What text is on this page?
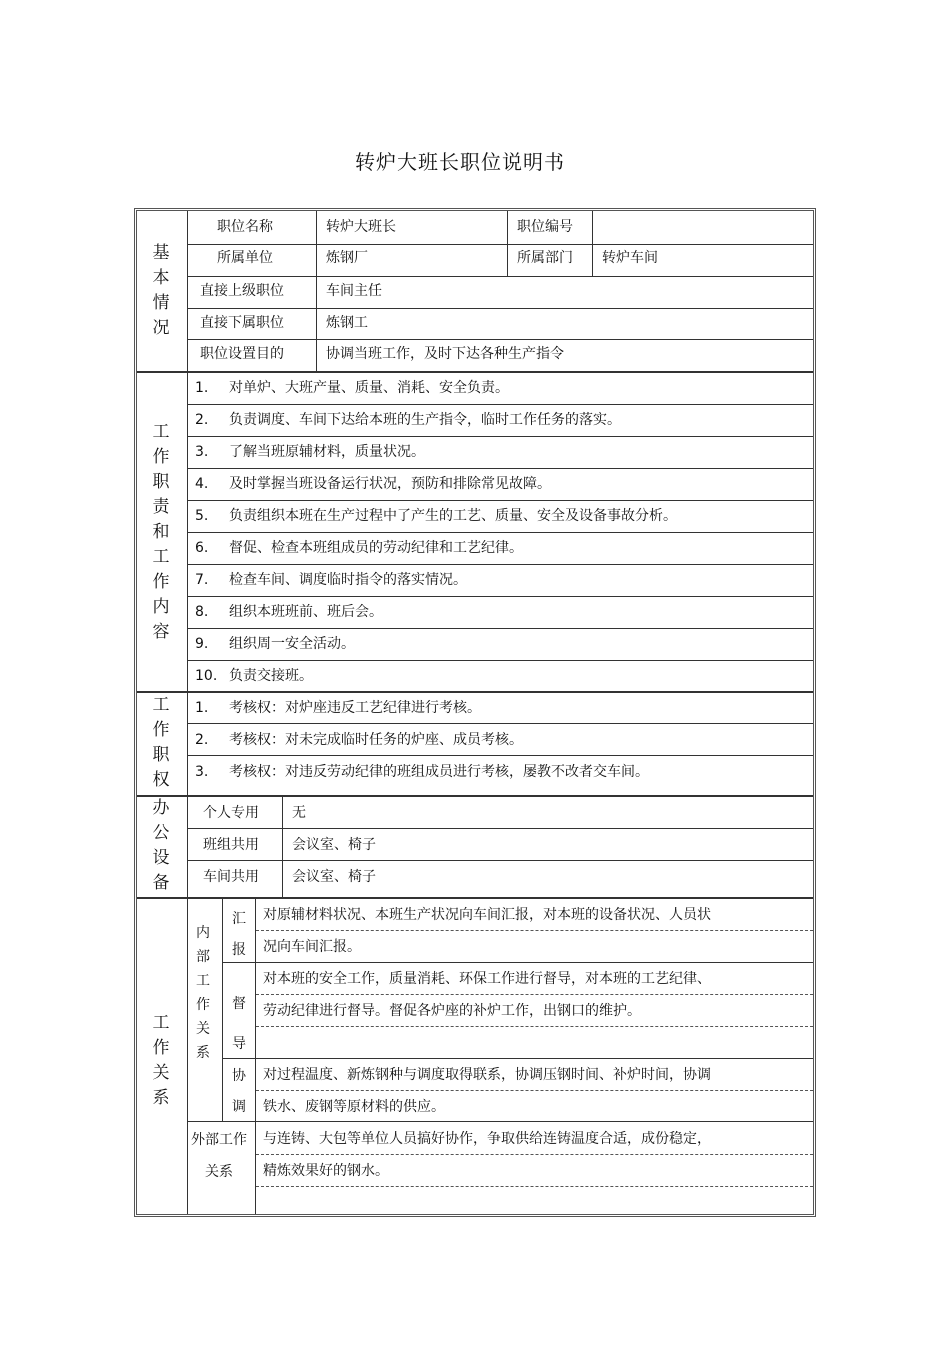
转炉大班长职位说明书
基本情况
工作职责和工作内容
工作职权
办公设备
工作关系
职位名称	转炉大班长	职位编号
所属单位	炼钢厂	所属部门 转炉车间
直接上级职位	车间主任
直接下属职位	炼钢工
职位设置目的	协调当班工作，及时下达各种生产指令
1. 对单炉、大班产量、质量、消耗、安全负责。
2. 负责调度、车间下达给本班的生产指令，临时工作任务的落实。
3. 了解当班原辅材料，质量状况。
4. 及时掌握当班设备运行状况，预防和排除常见故障。
5. 负责组织本班在生产过程中了产生的工艺、质量、安全及设备事故分析。
6. 督促、检查本班组成员的劳动纪律和工艺纪律。
7. 检查车间、调度临时指令的落实情况。
8. 组织本班班前、班后会。
9. 组织周一安全活动。
10. 负责交接班。
1. 考核权：对炉座违反工艺纪律进行考核。
2. 考核权：对未完成临时任务的炉座、成员考核。
3. 考核权：对违反劳动纪律的班组成员进行考核，屡教不改者交车间。
个人专用 无
班组共用 会议室、椅子
车间共用 会议室、椅子
内部工作关系
汇报
对原辅材料状况、本班生产状况向车间汇报，对本班的设备状况、人员状
况向车间汇报。
督导
对本班的安全工作，质量消耗、环保工作进行督导，对本班的工艺纪律、
劳动纪律进行督导。督促各炉座的补炉工作，出钢口的维护。
协调
对过程温度、新炼钢种与调度取得联系，协调压钢时间、补炉时间，协调
铁水、废钢等原材料的供应。
外部工作关系
与连铸、大包等单位人员搞好协作，争取供给连铸温度合适，成份稳定，
精炼效果好的钢水。
